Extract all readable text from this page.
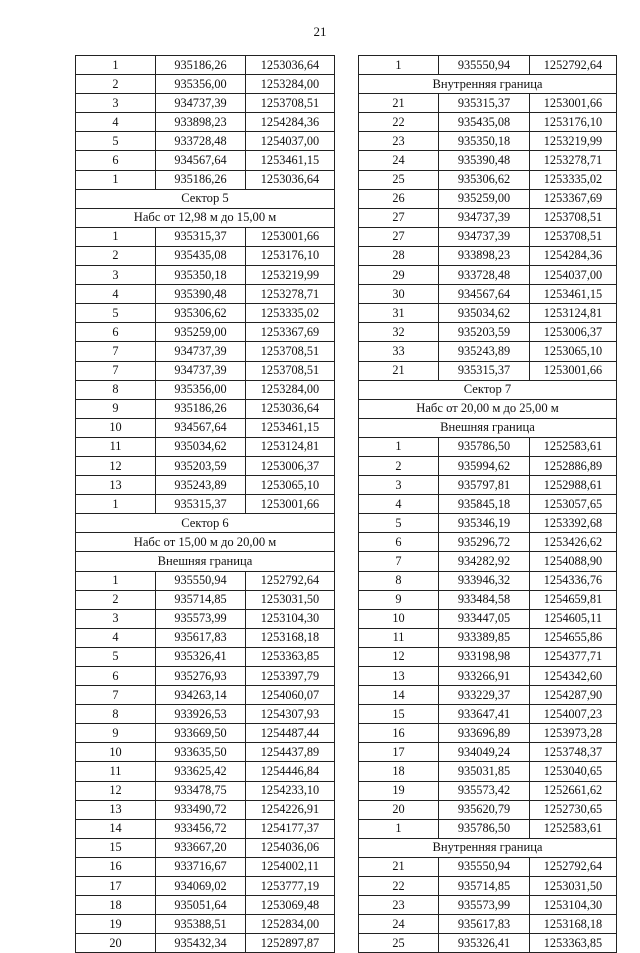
21
1	935186,26	1253036,64
2	935356,00	1253284,00
3	934737,39	1253708,51
4	933898,23	1254284,36
5	933728,48	1254037,00
6	934567,64	1253461,15
1	935186,26	1253036,64
Сектор 5		
Набс от 12,98 м до 15,00 м		
1	935315,37	1253001,66
2	935435,08	1253176,10
3	935350,18	1253219,99
4	935390,48	1253278,71
5	935306,62	1253335,02
6	935259,00	1253367,69
7	934737,39	1253708,51
7	934737,39	1253708,51
8	935356,00	1253284,00
9	935186,26	1253036,64
10	934567,64	1253461,15
11	935034,62	1253124,81
12	935203,59	1253006,37
13	935243,89	1253065,10
1	935315,37	1253001,66
Сектор 6		
Набс от 15,00 м до 20,00 м		
Внешняя граница		
1	935550,94	1252792,64
2	935714,85	1253031,50
3	935573,99	1253104,30
4	935617,83	1253168,18
5	935326,41	1253363,85
6	935276,93	1253397,79
7	934263,14	1254060,07
8	933926,53	1254307,93
9	933669,50	1254487,44
10	933635,50	1254437,89
11	933625,42	1254446,84
12	933478,75	1254233,10
13	933490,72	1254226,91
14	933456,72	1254177,37
15	933667,20	1254036,06
16	933716,67	1254002,11
17	934069,02	1253777,19
18	935051,64	1253069,48
19	935388,51	1252834,00
20	935432,34	1252897,87
1	935550,94	1252792,64
Внутренняя граница		
21	935315,37	1253001,66
22	935435,08	1253176,10
23	935350,18	1253219,99
24	935390,48	1253278,71
25	935306,62	1253335,02
26	935259,00	1253367,69
27	934737,39	1253708,51
27	934737,39	1253708,51
28	933898,23	1254284,36
29	933728,48	1254037,00
30	934567,64	1253461,15
31	935034,62	1253124,81
32	935203,59	1253006,37
33	935243,89	1253065,10
21	935315,37	1253001,66
Сектор 7		
Набс от 20,00 м до 25,00 м		
Внешняя граница		
1	935786,50	1252583,61
2	935994,62	1252886,89
3	935797,81	1252988,61
4	935845,18	1253057,65
5	935346,19	1253392,68
6	935296,72	1253426,62
7	934282,92	1254088,90
8	933946,32	1254336,76
9	933484,58	1254659,81
10	933447,05	1254605,11
11	933389,85	1254655,86
12	933198,98	1254377,71
13	933266,91	1254342,60
14	933229,37	1254287,90
15	933647,41	1254007,23
16	933696,89	1253973,28
17	934049,24	1253748,37
18	935031,85	1253040,65
19	935573,42	1252661,62
20	935620,79	1252730,65
1	935786,50	1252583,61
Внутренняя граница		
21	935550,94	1252792,64
22	935714,85	1253031,50
23	935573,99	1253104,30
24	935617,83	1253168,18
25	935326,41	1253363,85
